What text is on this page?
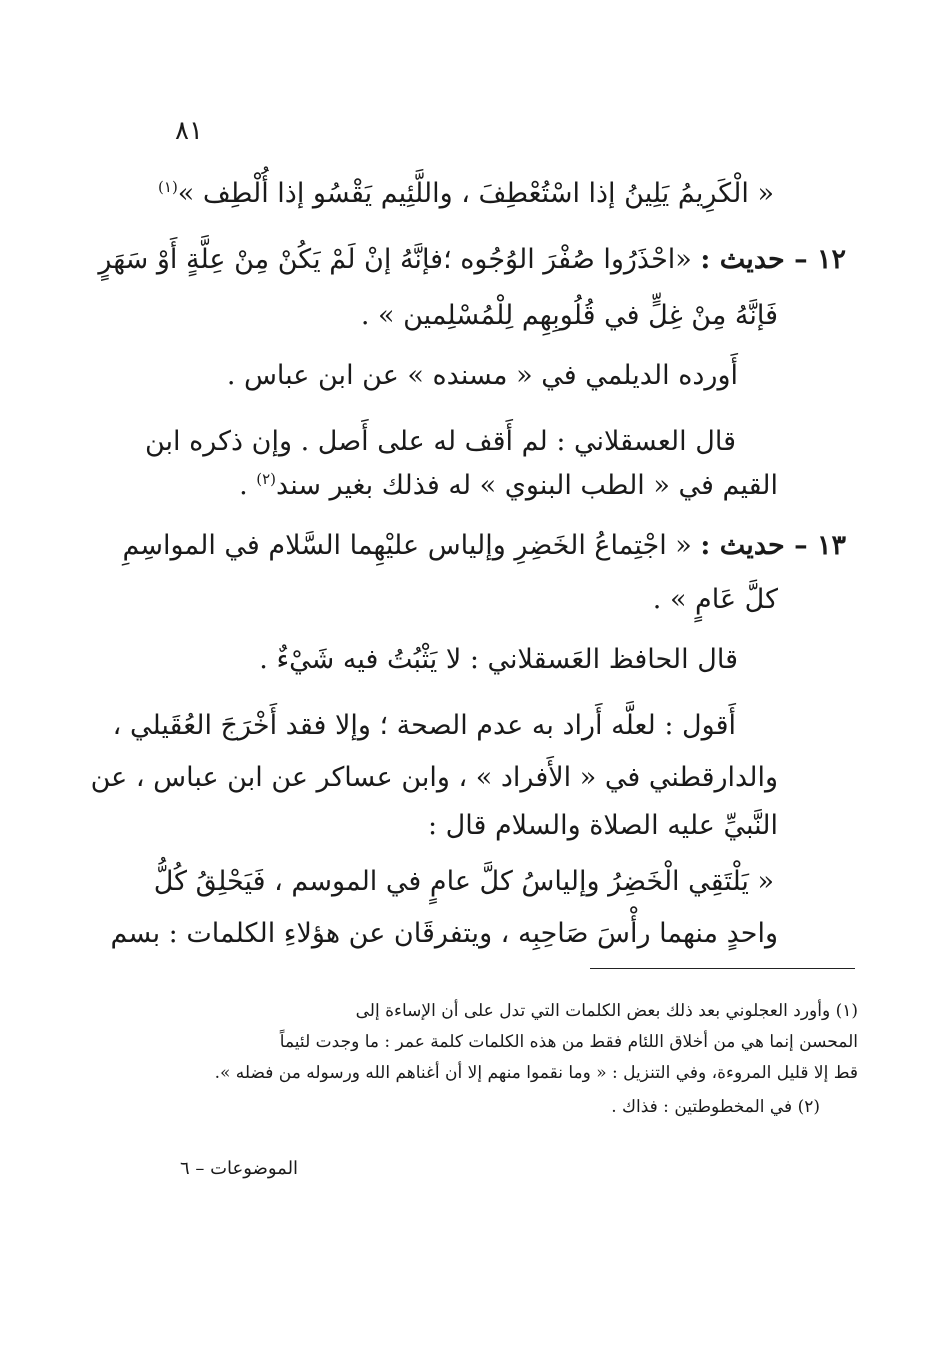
٨١
« الْكَرِيمُ يَلِينُ إذا اسْتُعْطِفَ ، واللَّئِيم يَقْسُو إذا أُلْطِف »$^{(١)}$
١٢ – حديث : «احْذَرُوا صُفْرَ الوُجُوه ؛فإنَّهُ إنْ لَمْ يَكُنْ مِنْ عِلَّةٍ أَوْ سَهَرٍ
فَإنَّهُ مِنْ غِلٍّ في قُلُوبِهِم لِلْمُسْلِمين » .
أَورده الديلمي في « مسنده » عن ابن عباس .
قال العسقلاني : لم أَقف له على أَصل . وإن ذكره ابن
القيم في « الطب البنوي » له فذلك بغير سند$^{(٢)}$ .
١٣ – حديث : « اجْتِماعُ الخَضِرِ وإلياس عليْهِما السَّلام في المواسِمِ
كلَّ عَامٍ » .
قال الحافظ العَسقلاني : لا يَثْبُتُ فيه شَيْءٌ .
أَقول : لعلَّه أَراد به عدم الصحة ؛ وإلا فقد أَخْرَجَ العُقَيلي ،
والدارقطني في « الأَفراد » ، وابن عساكر عن ابن عباس ، عن
النَّبيِّ عليه الصلاة والسلام قال :
« يَلْتَقِي الْخَضِرُ وإلياسُ كلَّ عامٍ في الموسم ، فَيَحْلِقُ كُلُّ
واحدٍ منهما رأْسَ صَاحِبِه ، ويتفرقَان عن هؤلاءِ الكلمات : بسم
(١) وأورد العجلوني بعد ذلك بعض الكلمات التي تدل على أن الإساءة إلى
المحسن إنما هي من أخلاق اللئام فقط من هذه الكلمات كلمة عمر : ما وجدت لئيماً
قط إلا قليل المروءة، وفي التنزيل : « وما نقموا منهم إلا أن أغناهم الله ورسوله من فضله ».
(٢) في المخطوطتين : فذاك .
الموضوعات – ٦
